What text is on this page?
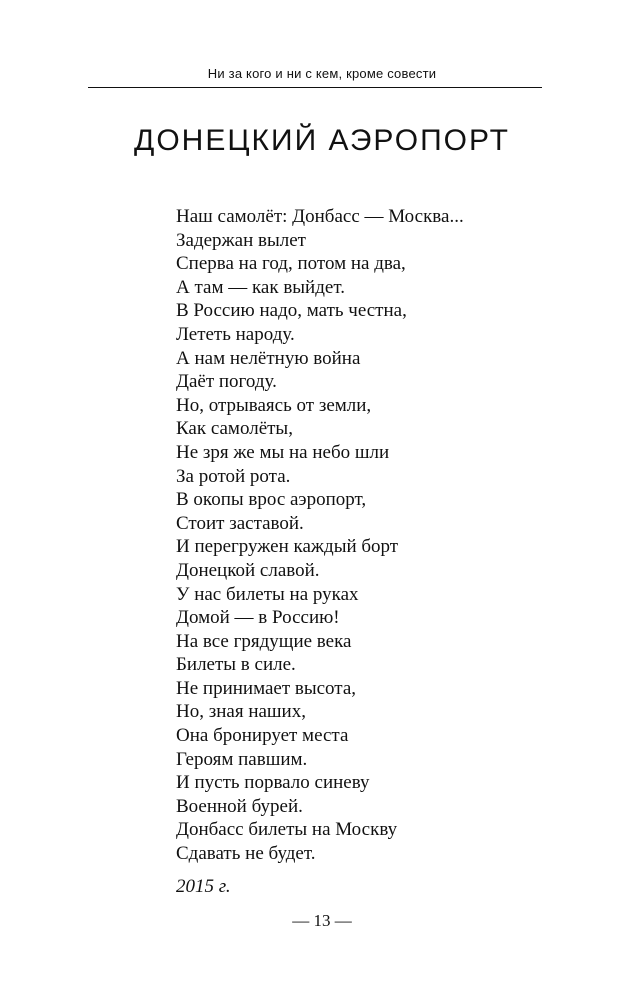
Ни за кого и ни с кем, кроме совести
ДОНЕЦКИЙ АЭРОПОРТ
Наш самолёт: Донбасс — Москва...
Задержан вылет
Сперва на год, потом на два,
А там — как выйдет.
В Россию надо, мать честна,
Лететь народу.
А нам нелётную война
Даёт погоду.
Но, отрываясь от земли,
Как самолёты,
Не зря же мы на небо шли
За ротой рота.
В окопы врос аэропорт,
Стоит заставой.
И перегружен каждый борт
Донецкой славой.
У нас билеты на руках
Домой — в Россию!
На все грядущие века
Билеты в силе.
Не принимает высота,
Но, зная наших,
Она бронирует места
Героям павшим.
И пусть порвало синеву
Военной бурей.
Донбасс билеты на Москву
Сдавать не будет.
2015 г.
— 13 —
